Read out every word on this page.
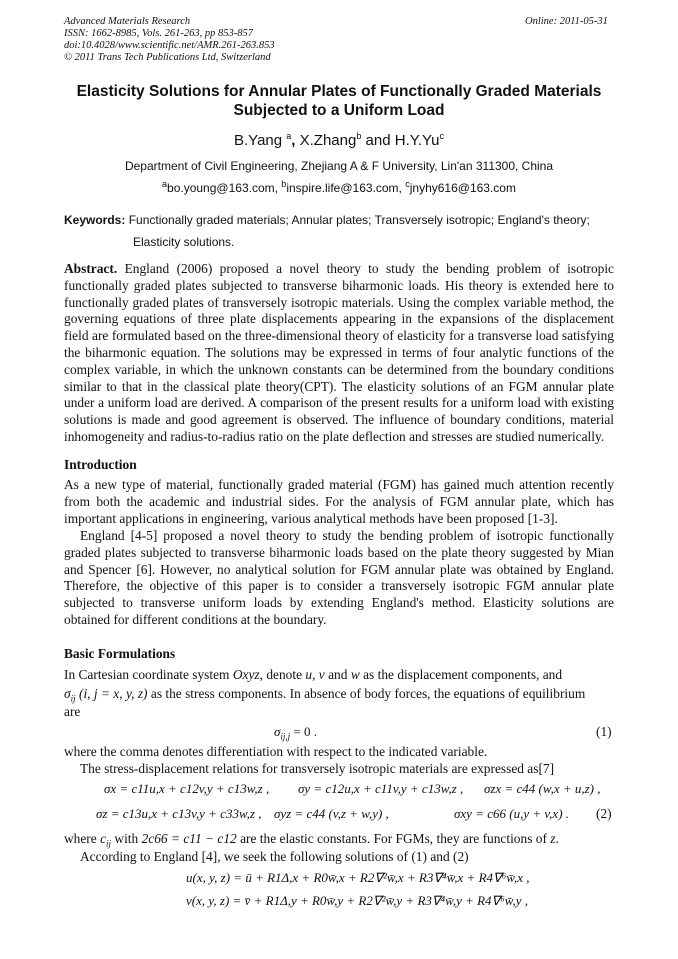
Advanced Materials Research
ISSN: 1662-8985, Vols. 261-263, pp 853-857
doi:10.4028/www.scientific.net/AMR.261-263.853
© 2011 Trans Tech Publications Ltd, Switzerland
Online: 2011-05-31
Elasticity Solutions for Annular Plates of Functionally Graded Materials
Subjected to a Uniform Load
B.Yang $^a$, X.Zhang$^b$ and H.Y.Yu$^c$
Department of Civil Engineering, Zhejiang A & F University, Lin'an 311300, China
$^a$bo.young@163.com, $^b$inspire.life@163.com, $^c$jnyhy616@163.com
Keywords: Functionally graded materials; Annular plates; Transversely isotropic; England's theory;
Elasticity solutions.
Abstract. England (2006) proposed a novel theory to study the bending problem of isotropic functionally graded plates subjected to transverse biharmonic loads. His theory is extended here to functionally graded plates of transversely isotropic materials. Using the complex variable method, the governing equations of three plate displacements appearing in the expansions of the displacement field are formulated based on the three-dimensional theory of elasticity for a transverse load satisfying the biharmonic equation. The solutions may be expressed in terms of four analytic functions of the complex variable, in which the unknown constants can be determined from the boundary conditions similar to that in the classical plate theory(CPT). The elasticity solutions of an FGM annular plate under a uniform load are derived. A comparison of the present results for a uniform load with existing solutions is made and good agreement is observed. The influence of boundary conditions, material inhomogeneity and radius-to-radius ratio on the plate deflection and stresses are studied numerically.
Introduction
As a new type of material, functionally graded material (FGM) has gained much attention recently from both the academic and industrial sides. For the analysis of FGM annular plate, which has important applications in engineering, various analytical methods have been proposed [1-3].
England [4-5] proposed a novel theory to study the bending problem of isotropic functionally graded plates subjected to transverse biharmonic loads based on the plate theory suggested by Mian and Spencer [6]. However, no analytical solution for FGM annular plate was obtained by England. Therefore, the objective of this paper is to consider a transversely isotropic FGM annular plate subjected to transverse uniform loads by extending England's method. Elasticity solutions are obtained for different conditions at the boundary.
Basic Formulations
In Cartesian coordinate system Oxyz, denote u, v and w as the displacement components, and
$\sigma_{ij}$ (i, j = x, y, z) as the stress components. In absence of body forces, the equations of equilibrium
are
$\sigma_{ij,j} = 0$ .	(1)
where the comma denotes differentiation with respect to the indicated variable.
The stress-displacement relations for transversely isotropic materials are expressed as[7]
σx = c11u,x + c12v,y + c13w,z , σy = c12u,x + c11v,y + c13w,z , σzx = c44 (w,x + u,z) ,
σz = c13u,x + c13v,y + c33w,z , σyz = c44 (v,z + w,y) ,	σxy = c66 (u,y + v,x) . (2)
where $c_{ij}$ with 2c66 = c11 − c12 are the elastic constants. For FGMs, they are functions of z.
According to England [4], we seek the following solutions of (1) and (2)
u(x, y, z) = ū + R1Δ,x + R0w̄,x + R2∇²w̄,x + R3∇⁴w̄,x + R4∇⁶w̄,x ,
v(x, y, z) = v̄ + R1Δ,y + R0w̄,y + R2∇²w̄,y + R3∇⁴w̄,y + R4∇⁶w̄,y ,
